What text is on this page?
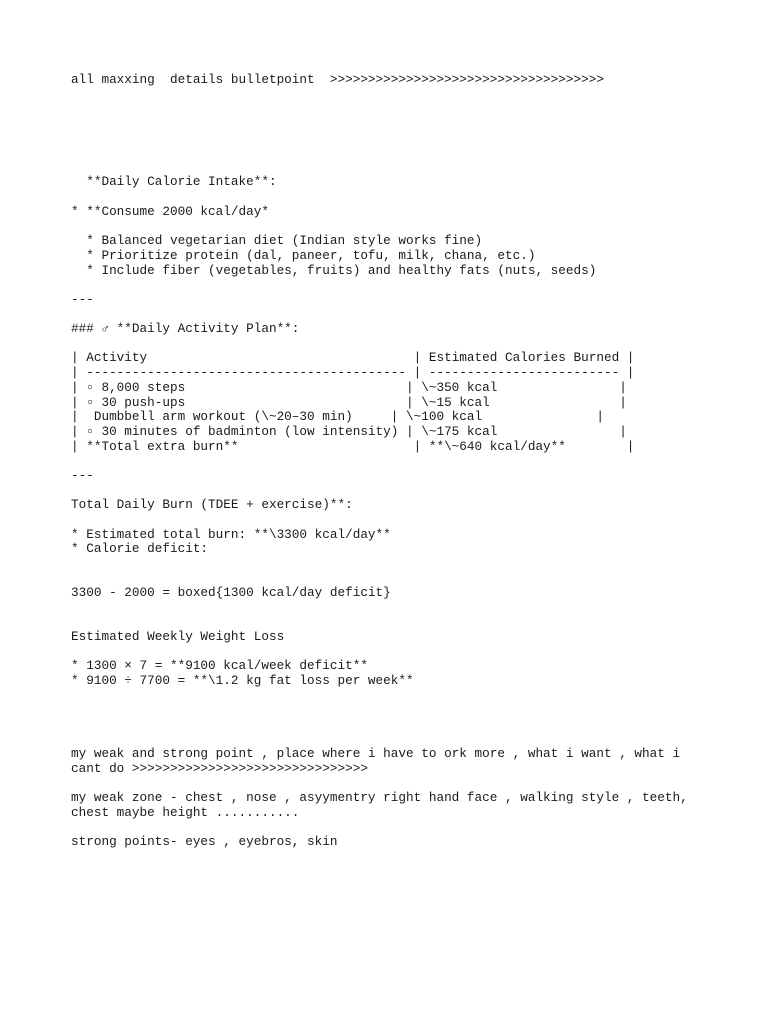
all maxxing  details bulletpoint  >>>>>>>>>>>>>>>>>>>>>>>>>>>>>>>>>>>>
**Daily Calorie Intake**:
* **Consume 2000 kcal/day*
* Balanced vegetarian diet (Indian style works fine)
* Prioritize protein (dal, paneer, tofu, milk, chana, etc.)
* Include fiber (vegetables, fruits) and healthy fats (nuts, seeds)
---
### ♂ **Daily Activity Plan**:
| Activity                                   | Estimated Calories Burned |
| ------------------------------------------ | ------------------------- |
| ▫ 8,000 steps                             | \~350 kcal                |
| ▫ 30 push-ups                             | \~15 kcal                 |
|  Dumbbell arm workout (\~20–30 min)     | \~100 kcal               |
| ▫ 30 minutes of badminton (low intensity) | \~175 kcal                |
| **Total extra burn**                       | **\~640 kcal/day**        |
---
Total Daily Burn (TDEE + exercise)**:
* Estimated total burn: **\3300 kcal/day**
* Calorie deficit:
3300 - 2000 = boxed{1300 kcal/day deficit}
Estimated Weekly Weight Loss
* 1300 × 7 = **9100 kcal/week deficit**
* 9100 ÷ 7700 = **\1.2 kg fat loss per week**
my weak and strong point , place where i have to ork more , what i want , what i
cant do >>>>>>>>>>>>>>>>>>>>>>>>>>>>>>>
my weak zone - chest , nose , asyymentry right hand face , walking style , teeth,
chest maybe height ...........
strong points- eyes , eyebros, skin
